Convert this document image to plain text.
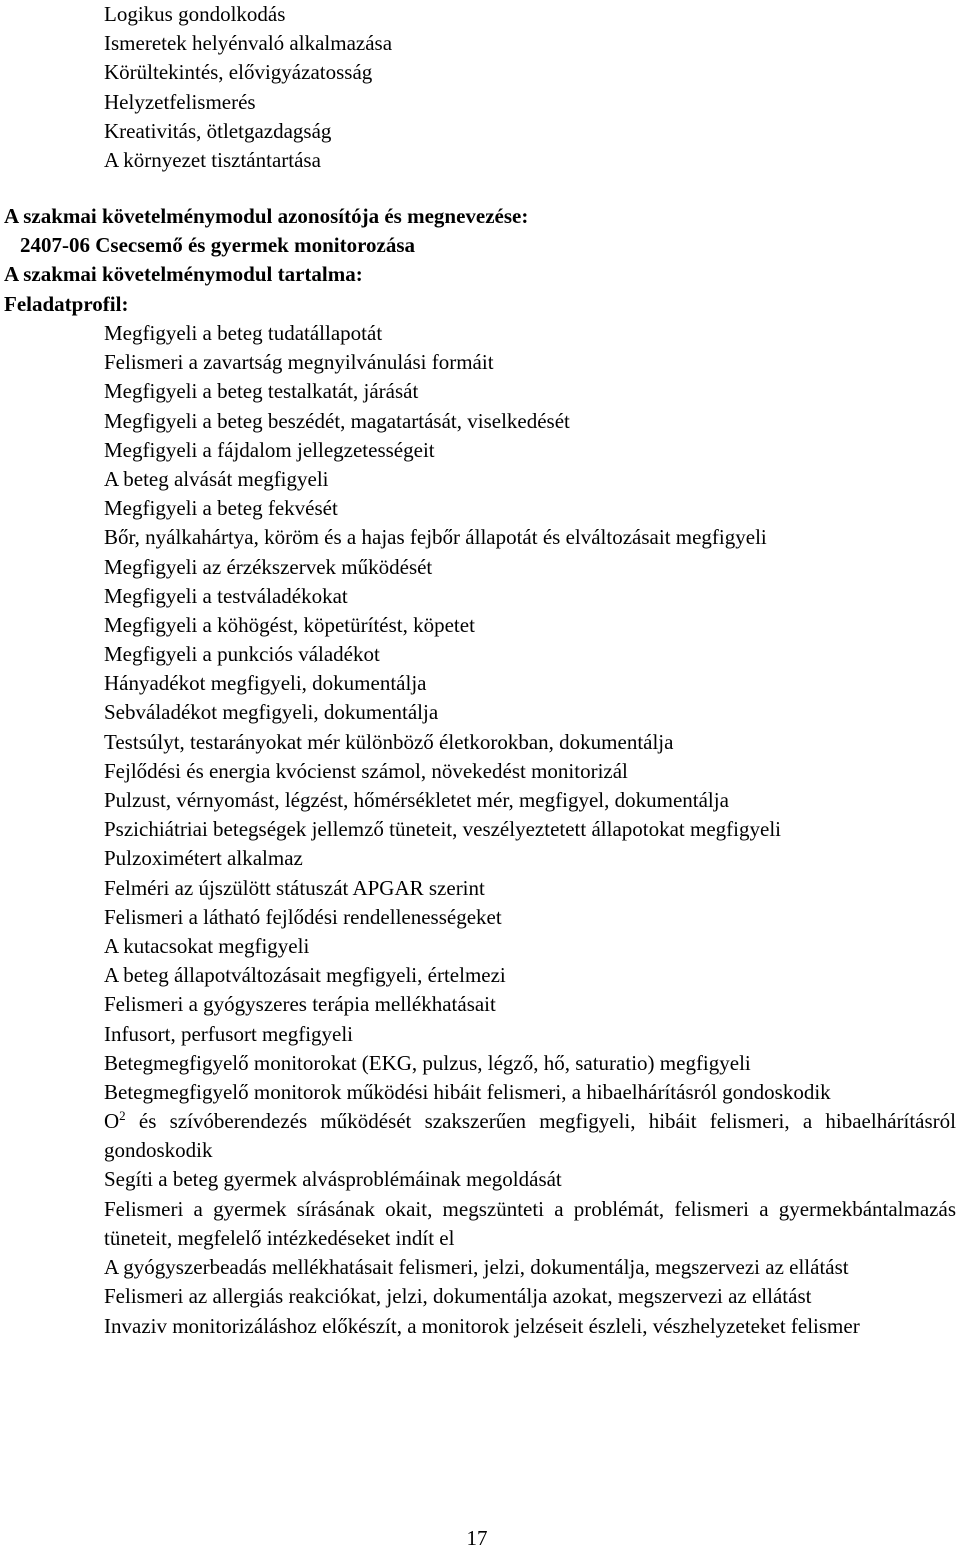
Logikus gondolkodás
Ismeretek helyénvaló alkalmazása
Körültekintés, elővigyázatosság
Helyzetfelismerés
Kreativitás, ötletgazdagság
A környezet tisztántartása
A szakmai követelménymodul azonosítója és megnevezése:
2407-06 Csecsemő és gyermek monitorozása
A szakmai követelménymodul tartalma:
Feladatprofil:
Megfigyeli a beteg tudatállapotát
Felismeri a zavartság megnyilvánulási formáit
Megfigyeli a beteg testalkatát, járását
Megfigyeli a beteg beszédét, magatartását, viselkedését
Megfigyeli a fájdalom jellegzetességeit
A beteg alvását megfigyeli
Megfigyeli a beteg fekvését
Bőr, nyálkahártya, köröm és a hajas fejbőr állapotát és elváltozásait megfigyeli
Megfigyeli az érzékszervek működését
Megfigyeli a testváladékokat
Megfigyeli a köhögést, köpetürítést, köpetet
Megfigyeli a punkciós váladékot
Hányadékot megfigyeli, dokumentálja
Sebváladékot megfigyeli, dokumentálja
Testsúlyt, testarányokat mér különböző életkorokban, dokumentálja
Fejlődési és energia kvócienst számol, növekedést monitorizál
Pulzust, vérnyomást, légzést, hőmérsékletet mér, megfigyel, dokumentálja
Pszichiátriai betegségek jellemző tüneteit, veszélyeztetett állapotokat megfigyeli
Pulzoximétert alkalmaz
Felméri az újszülött státuszát APGAR szerint
Felismeri a látható fejlődési rendellenességeket
A kutacsokat megfigyeli
A beteg állapotváltozásait megfigyeli, értelmezi
Felismeri a gyógyszeres terápia mellékhatásait
Infusort, perfusort megfigyeli
Betegmegfigyelő monitorokat (EKG, pulzus, légző, hő, saturatio) megfigyeli
Betegmegfigyelő monitorok működési hibáit felismeri, a hibaelhárításról gondoskodik
$O^2$ és szívóberendezés működését szakszerűen megfigyeli, hibáit felismeri, a hibaelhárításról gondoskodik
Segíti a beteg gyermek alvásproblémáinak megoldását
Felismeri a gyermek sírásának okait, megszünteti a problémát, felismeri a gyermekbántalmazás tüneteit, megfelelő intézkedéseket indít el
A gyógyszerbeadás mellékhatásait felismeri, jelzi, dokumentálja, megszervezi az ellátást
Felismeri az allergiás reakciókat, jelzi, dokumentálja azokat, megszervezi az ellátást
Invaziv monitorizáláshoz előkészít, a monitorok jelzéseit észleli, vészhelyzeteket felismer
17
